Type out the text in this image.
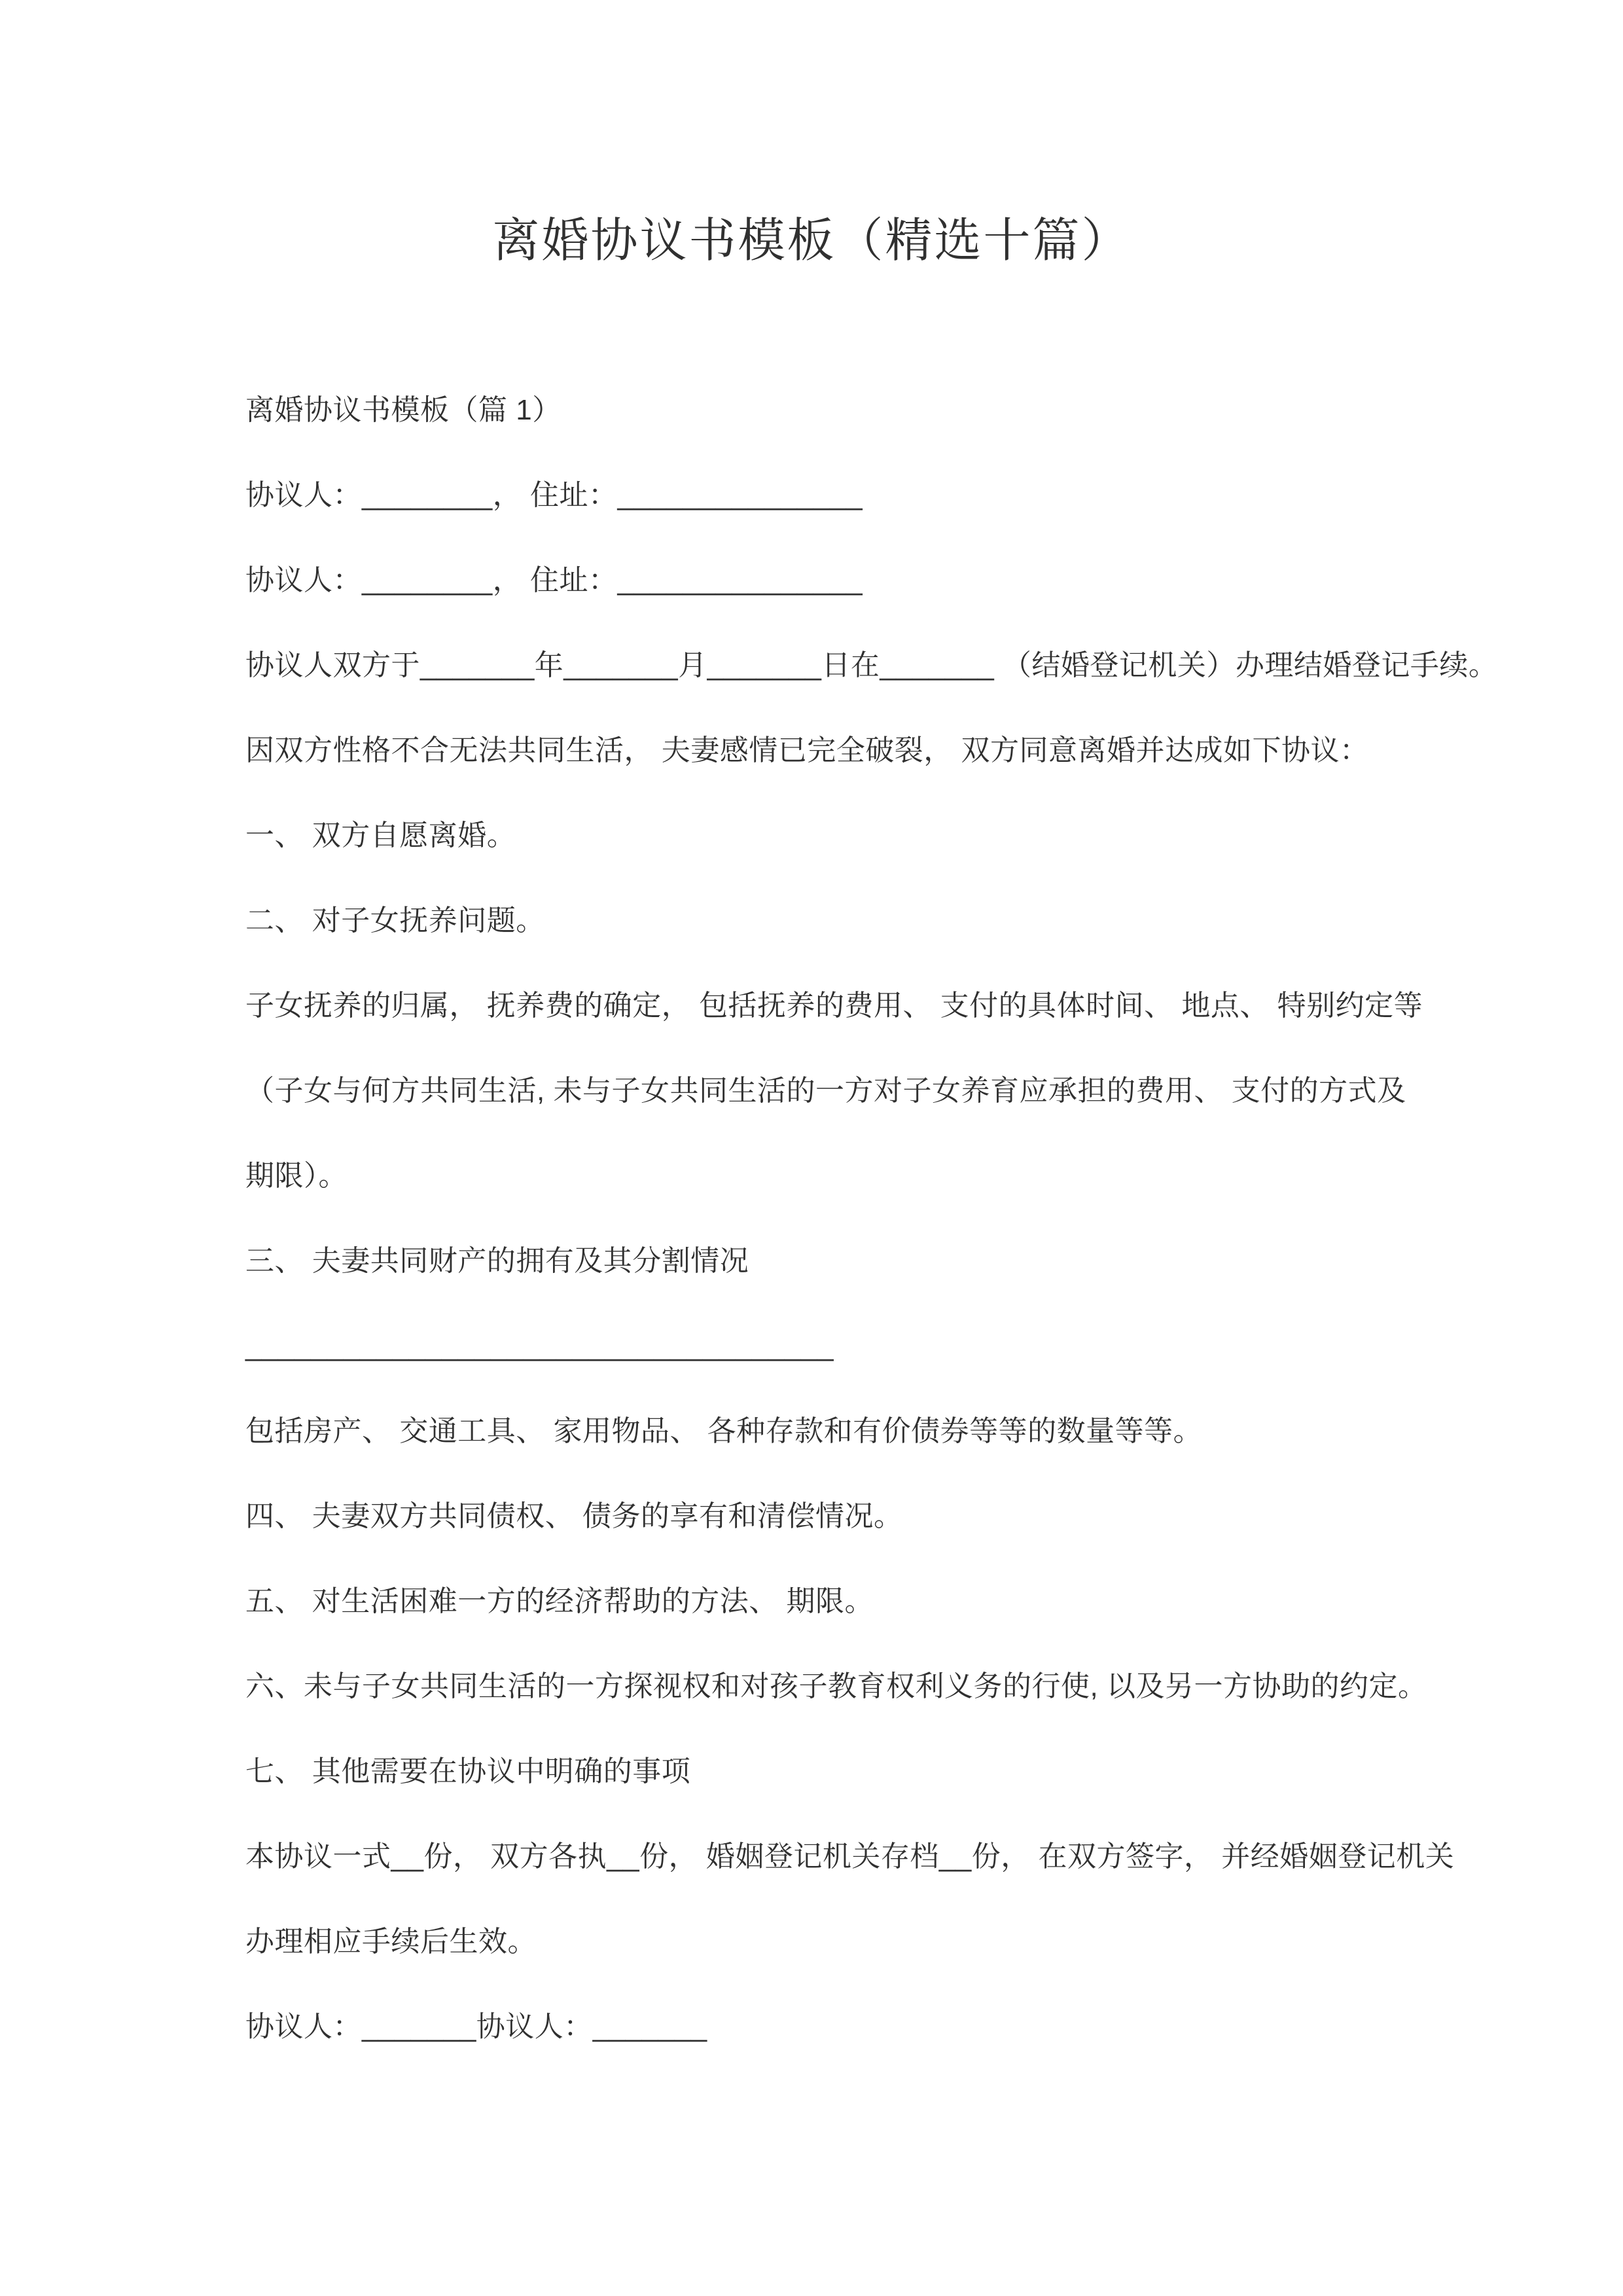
离婚协议书模板（精选十篇）
离婚协议书模板（篇 1）
协议人：________， 住址：_______________
协议人：________， 住址：_______________
协议人双方于_______年_______月_______日在_______ （结婚登记机关）办理结婚登记手续。
因双方性格不合无法共同生活， 夫妻感情已完全破裂， 双方同意离婚并达成如下协议：
一、 双方自愿离婚。
二、 对子女抚养问题。
子女抚养的归属， 抚养费的确定， 包括抚养的费用、 支付的具体时间、 地点、 特别约定等
（子女与何方共同生活, 未与子女共同生活的一方对子女养育应承担的费用、 支付的方式及
期限）。
三、 夫妻共同财产的拥有及其分割情况
____________________________________
包括房产、 交通工具、 家用物品、 各种存款和有价债券等等的数量等等。
四、 夫妻双方共同债权、 债务的享有和清偿情况。
五、 对生活困难一方的经济帮助的方法、 期限。
六、未与子女共同生活的一方探视权和对孩子教育权利义务的行使, 以及另一方协助的约定。
七、 其他需要在协议中明确的事项
本协议一式__份， 双方各执__份， 婚姻登记机关存档__份， 在双方签字， 并经婚姻登记机关
办理相应手续后生效。
协议人：_______协议人：_______
